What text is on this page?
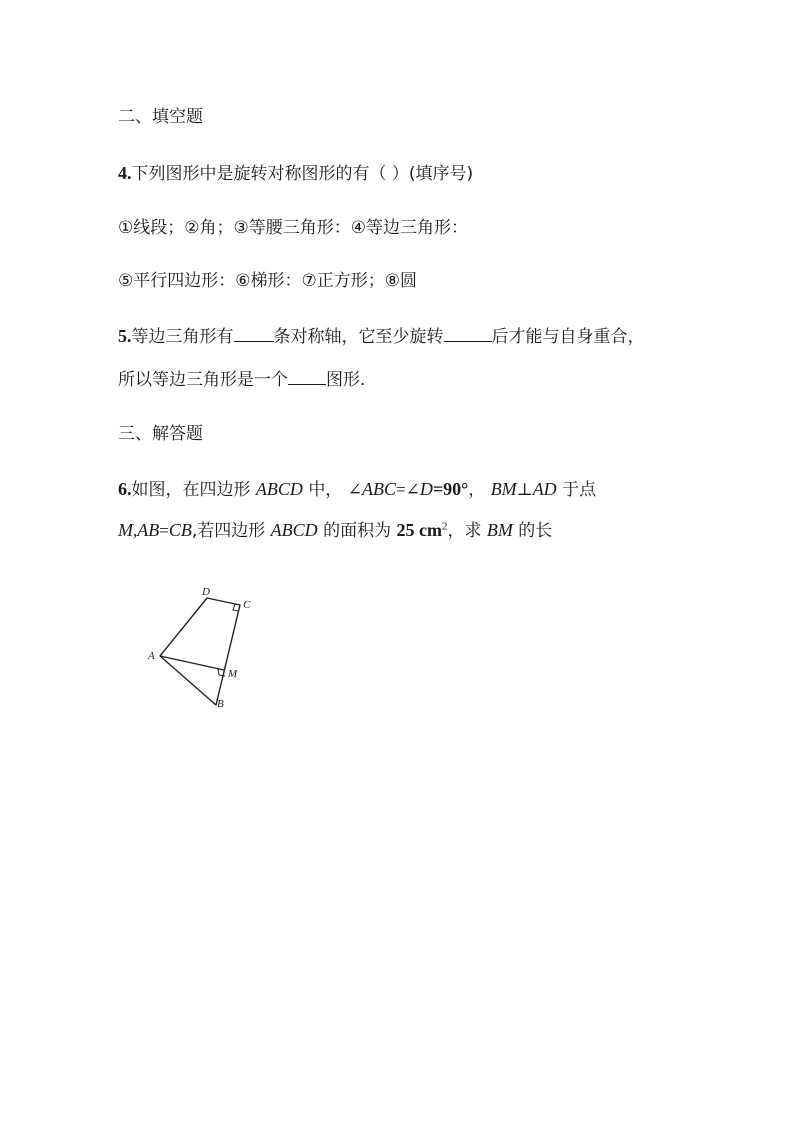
二、填空题
4.下列图形中是旋转对称图形的有（ ）(填序号)
①线段；②角；③等腰三角形：④等边三角形：
⑤平行四边形：⑥梯形：⑦正方形；⑧圆
5.等边三角形有 条对称轴，它至少旋转	后才能与自身重合，
所以等边三角形是一个 图形.
三、解答题
6.如图，在四边形 ABCD 中， ∠ABC=∠D=90°， BM⊥AD 于点
M,AB=CB,若四边形 ABCD 的面积为 25 $cm^2$，求 BM 的长
D
C
A
M
B
